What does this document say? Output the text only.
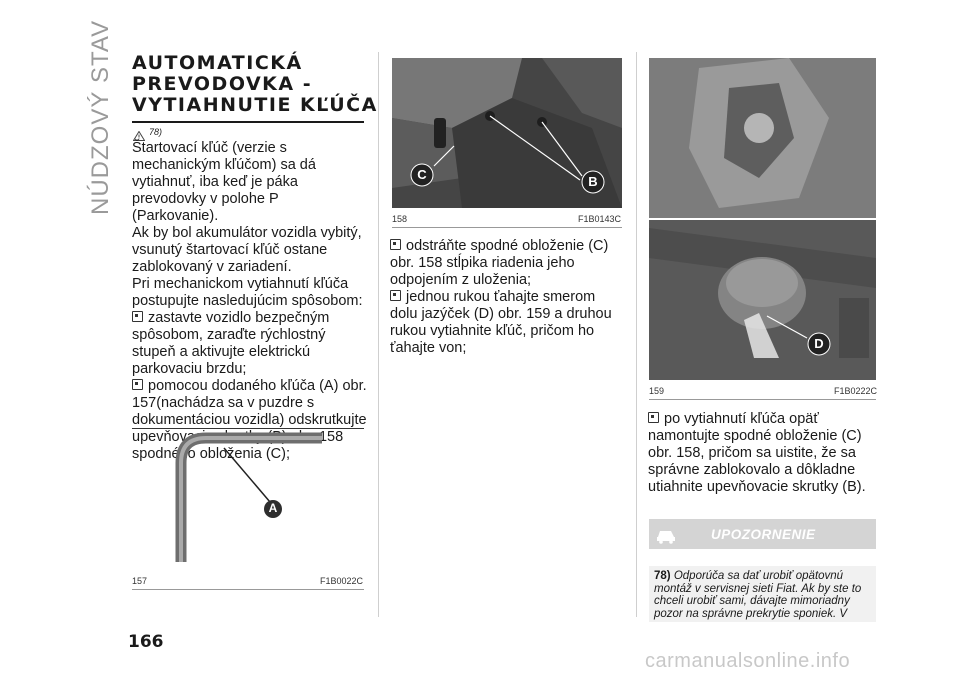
NÚDZOVÝ STAV AUTOMATICKÁ
PREVODOVKA -
VYTIAHNUTIE KĽÚČA
$^{78)}$

Štartovací kľúč (verzie s mechanickým kľúčom) sa dá vytiahnuť, iba keď je páka prevodovky v polohe P (Parkovanie).

Ak by bol akumulátor vozidla vybitý, vsunutý štartovací kľúč ostane zablokovaný v zariadení.

Pri mechanickom vytiahnutí kľúča postupujte nasledujúcim spôsobom:

zastavte vozidlo bezpečným spôsobom, zaraďte rýchlostný stupeň a aktivujte elektrickú parkovaciu brzdu;

pomocou dodaného kľúča (A) obr. 157(nachádza sa v puzdre s dokumentáciou vozidla) odskrutkujte upevňovacie skrutky (B) obr. 158 spodného obloženia (C);

A
157	F1B0022C
C	B
158	F1B0143C

odstráňte spodné obloženie (C) obr. 158 stĺpika riadenia jeho odpojením z uloženia;

jednou rukou ťahajte smerom dolu jazýček (D) obr. 159 a druhou rukou vytiahnite kľúč, pričom ho ťahajte von;	D
159	F1B0222C

po vytiahnutí kľúča opäť namontujte spodné obloženie (C) obr. 158, pričom sa uistite, že sa správne zablokovalo a dôkladne utiahnite upevňovacie skrutky (B).

UPOZORNENIE
78) Odporúča sa dať urobiť opätovnú montáž v servisnej sieti Fiat. Ak by ste to chceli urobiť sami, dávajte mimoriadny pozor na správne prekrytie sponiek. V
166
carmanualsonline.info
